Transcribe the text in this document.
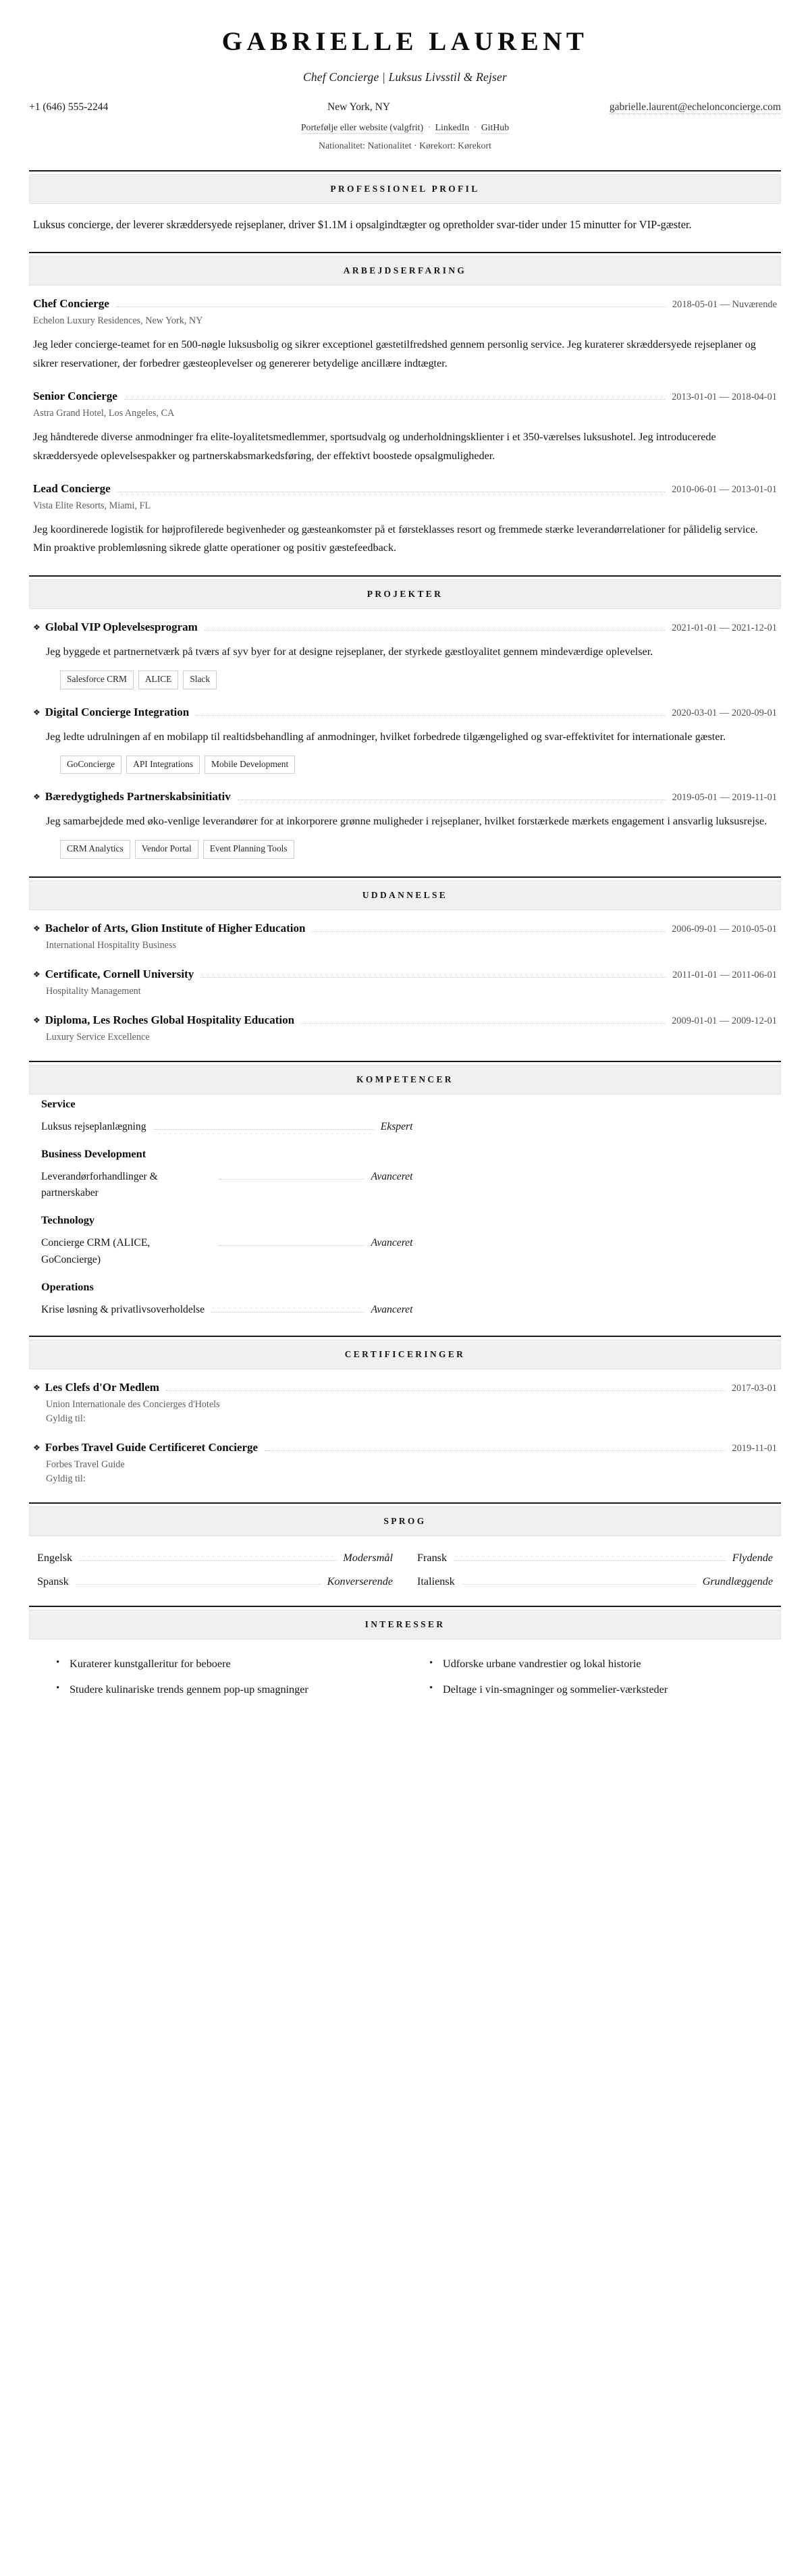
GABRIELLE LAURENT
Chef Concierge | Luksus Livsstil & Rejser
+1 (646) 555-2244	New York, NY	gabrielle.laurent@echelonconcierge.com
Portefølje eller website (valgfrit) · LinkedIn · GitHub
Nationalitet: Nationalitet · Kørekort: Kørekort
PROFESSIONEL PROFIL
Luksus concierge, der leverer skræddersyede rejseplaner, driver $1.1M i opsalgindtægter og opretholder svar-tider under 15 minutter for VIP-gæster.
ARBEJDSERFARING
Chef Concierge	2018-05-01 — Nuværende
Echelon Luxury Residences, New York, NY
Jeg leder concierge-teamet for en 500-nøgle luksusbolig og sikrer exceptionel gæstetilfredshed gennem personlig service. Jeg kuraterer skræddersyede rejseplaner og sikrer reservationer, der forbedrer gæsteoplevelser og genererer betydelige ancillære indtægter.
Senior Concierge	2013-01-01 — 2018-04-01
Astra Grand Hotel, Los Angeles, CA
Jeg håndterede diverse anmodninger fra elite-loyalitetsmedlemmer, sportsudvalg og underholdningsklienter i et 350-værelses luksushotel. Jeg introducerede skræddersyede oplevelsespakker og partnerskabsmarkedsføring, der effektivt boostede opsalgmuligheder.
Lead Concierge	2010-06-01 — 2013-01-01
Vista Elite Resorts, Miami, FL
Jeg koordinerede logistik for højprofilerede begivenheder og gæsteankomster på et førsteklasses resort og fremmede stærke leverandørrelationer for pålidelig service. Min proaktive problemløsning sikrede glatte operationer og positiv gæstefeedback.
PROJEKTER
❖ Global VIP Oplevelsesprogram	2021-01-01 — 2021-12-01
Jeg byggede et partnernetværk på tværs af syv byer for at designe rejseplaner, der styrkede gæstloyalitet gennem mindeværdige oplevelser.
Salesforce CRM	ALICE	Slack
❖ Digital Concierge Integration	2020-03-01 — 2020-09-01
Jeg ledte udrulningen af en mobilapp til realtidsbehandling af anmodninger, hvilket forbedrede tilgængelighed og svar-effektivitet for internationale gæster.
GoConcierge	API Integrations	Mobile Development
❖ Bæredygtigheds Partnerskabsinitiativ	2019-05-01 — 2019-11-01
Jeg samarbejdede med øko-venlige leverandører for at inkorporere grønne muligheder i rejseplaner, hvilket forstærkede mærkets engagement i ansvarlig luksusrejse.
CRM Analytics	Vendor Portal	Event Planning Tools
UDDANNELSE
❖ Bachelor of Arts, Glion Institute of Higher Education	2006-09-01 — 2010-05-01
International Hospitality Business
❖ Certificate, Cornell University	2011-01-01 — 2011-06-01
Hospitality Management
❖ Diploma, Les Roches Global Hospitality Education	2009-01-01 — 2009-12-01
Luxury Service Excellence
KOMPETENCER
Service
Luksus rejseplanlægning	Ekspert
Business Development
Leverandørforhandlinger & partnerskaber
Avanceret
Technology
Concierge CRM (ALICE, GoConcierge)
Avanceret
Operations
Krise løsning & privatlivsoverholdelse	Avanceret
CERTIFICERINGER
❖ Les Clefs d'Or Medlem	2017-03-01
Union Internationale des Concierges d'Hotels
Gyldig til:
❖ Forbes Travel Guide Certificeret Concierge	2019-11-01
Forbes Travel Guide
Gyldig til:
SPROG
Engelsk	Modersmål Fransk	Flydende
Spansk	Konverserende Italiensk	Grundlæggende
INTERESSER
• Kuraterer kunstgalleritur for beboere
• Studere kulinariske trends gennem pop-up smagninger
• Udforske urbane vandrestier og lokal historie
• Deltage i vin-smagninger og sommelier-værksteder
